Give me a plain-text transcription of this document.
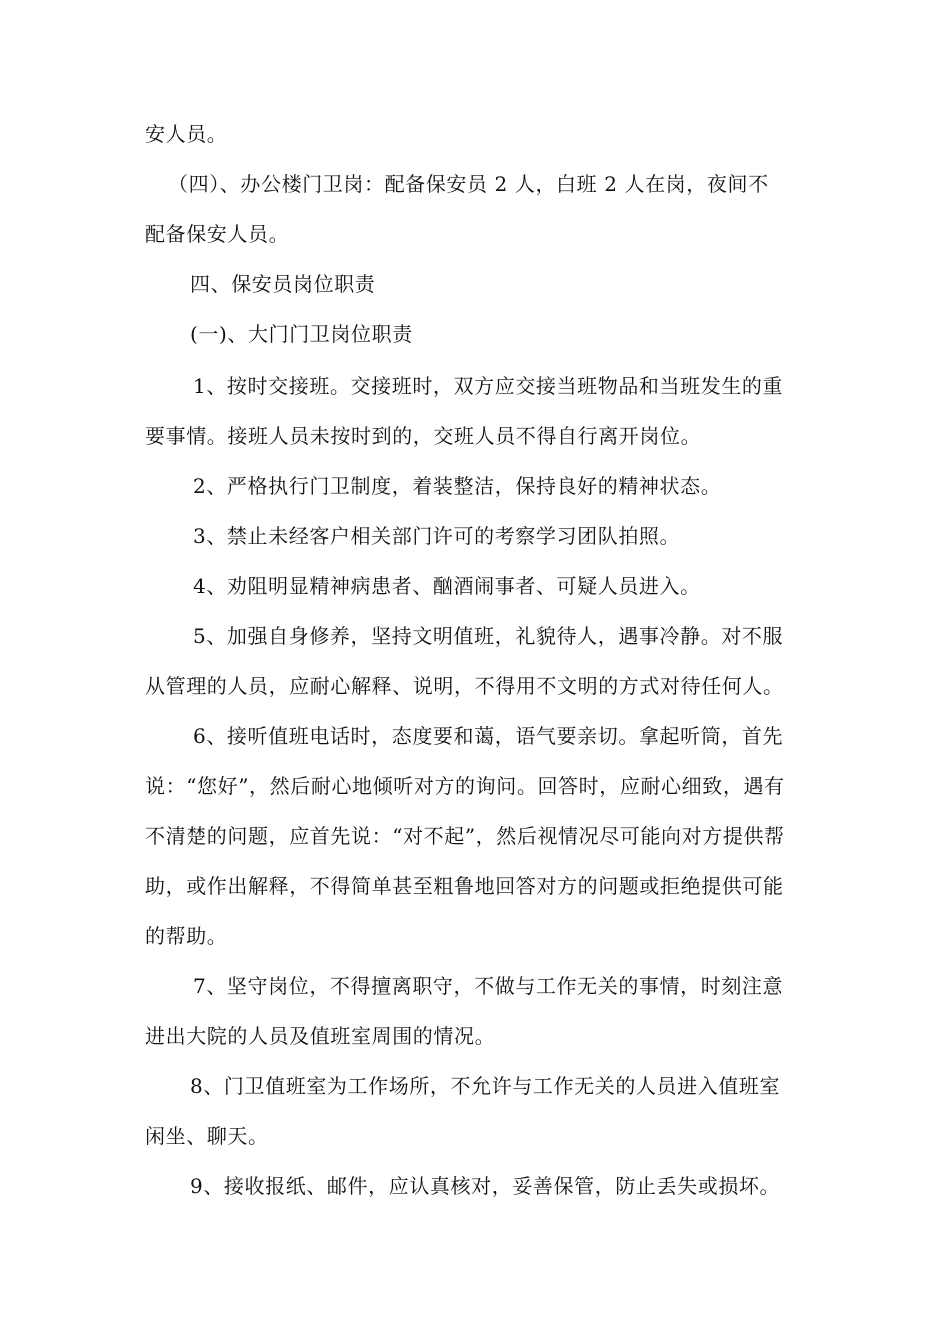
安人员。
（四）、办公楼门卫岗：配备保安员 2 人，白班 2 人在岗，夜间不
配备保安人员。
四、保安员岗位职责
(一)、大门门卫岗位职责
1、按时交接班。交接班时，双方应交接当班物品和当班发生的重
要事情。接班人员未按时到的，交班人员不得自行离开岗位。
2、严格执行门卫制度，着装整洁，保持良好的精神状态。
3、禁止未经客户相关部门许可的考察学习团队拍照。
4、劝阻明显精神病患者、酗酒闹事者、可疑人员进入。
5、加强自身修养，坚持文明值班，礼貌待人，遇事冷静。对不服
从管理的人员，应耐心解释、说明，不得用不文明的方式对待任何人。
6、接听值班电话时，态度要和蔼，语气要亲切。拿起听筒，首先
说：“您好”，然后耐心地倾听对方的询问。回答时，应耐心细致，遇有
不清楚的问题，应首先说：“对不起”，然后视情况尽可能向对方提供帮
助，或作出解释，不得简单甚至粗鲁地回答对方的问题或拒绝提供可能
的帮助。
7、坚守岗位，不得擅离职守，不做与工作无关的事情，时刻注意
进出大院的人员及值班室周围的情况。
8、门卫值班室为工作场所，不允许与工作无关的人员进入值班室
闲坐、聊天。
9、接收报纸、邮件，应认真核对，妥善保管，防止丢失或损坏。
